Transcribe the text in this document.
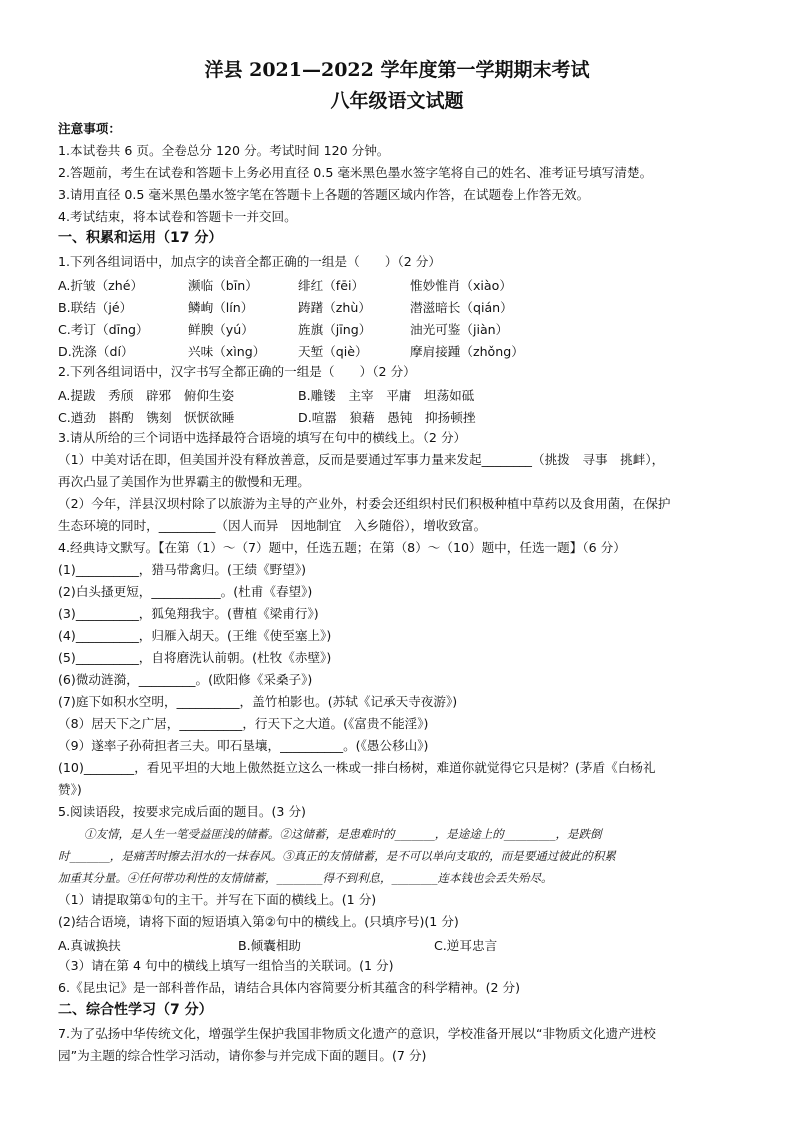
洋县 2021—2022 学年度第一学期期末考试
八年级语文试题
注意事项：
1.本试卷共 6 页。全卷总分 120 分。考试时间 120 分钟。
2.答题前，考生在试卷和答题卡上务必用直径 0.5 毫米黑色墨水签字笔将自己的姓名、准考证号填写清楚。
3.请用直径 0.5 毫米黑色墨水签字笔在答题卡上各题的答题区域内作答，在试题卷上作答无效。
4.考试结束，将本试卷和答题卡一并交回。
一、积累和运用（17 分）
1.下列各组词语中，加点字的读音全都正确的一组是（　　）（2 分）
A.折皱（zhé）	濒临（bīn）	绯红（fēi）	惟妙惟肖（xiào）
B.联结（jé）	鳞峋（lín）	踌躇（zhù）	潜滋暗长（qián）
C.考订（dīng）	鲜腴（yú）	旌旗（jīng）	油光可鉴（jiàn）
D.洗涤（dí）	兴味（xìng）	天堑（qiè）	摩肩接踵（zhǒng）
2.下列各组词语中，汉字书写全都正确的一组是（　　）（2 分）
A.提跋　秀颀　辟邪　俯仰生姿	B.雕镂　主宰　平庸　坦荡如砥
C.遒劲　斟酌　镌刻　恹恹欲睡	D.喧嚣　狼藉　愚钝　抑扬顿挫
3.请从所给的三个词语中选择最符合语境的填写在句中的横线上。（2 分）
（1）中美对话在即，但美国并没有释放善意，反而是要通过军事力量来发起________（挑拨　寻事　挑衅），
再次凸显了美国作为世界霸主的傲慢和无理。
（2）今年，洋县汉坝村除了以旅游为主导的产业外，村委会还组织村民们积极种植中草药以及食用菌，在保护
生态环境的同时，_________（因人而异　因地制宜　入乡随俗），增收致富。
4.经典诗文默写。【在第（1）～（7）题中，任选五题；在第（8）～（10）题中，任选一题】（6 分）
(1)__________，猎马带禽归。(王绩《野望》)
(2)白头搔更短，___________。(杜甫《春望》)
(3)__________，狐兔翔我宇。(曹植《梁甫行》)
(4)__________，归雁入胡天。(王维《使至塞上》)
(5)__________，自将磨洗认前朝。(杜牧《赤壁》)
(6)微动涟漪，_________。(欧阳修《采桑子》)
(7)庭下如积水空明，__________，盖竹柏影也。(苏轼《记承天寺夜游》)
（8）居天下之广居，__________，行天下之大道。(《富贵不能淫》)
（9）遂率子孙荷担者三夫。叩石垦壤，__________。(《愚公移山》)
(10)________，看见平坦的大地上傲然挺立这么一株或一排白杨树，难道你就觉得它只是树？(茅盾《白杨礼
赞》)
5.阅读语段，按要求完成后面的题目。(3 分)
①友情，是人生一笔受益匪浅的储蓄。②这储蓄，是患难时的_______，是途途上的_________，是跌倒
时_______，是痛苦时擦去泪水的一抹春风。③真正的友情储蓄，是不可以单向支取的，而是要通过彼此的积累
加重其分量。④任何带功利性的友情储蓄，________得不到利息，________连本钱也会丢失殆尽。
（1）请提取第①句的主干。并写在下面的横线上。(1 分)
(2)结合语境，请将下面的短语填入第②句中的横线上。(只填序号)(1 分)
A.真诚换扶	B.倾囊相助	C.逆耳忠言
（3）请在第 4 句中的横线上填写一组恰当的关联词。(1 分)
6.《昆虫记》是一部科普作品，请结合具体内容简要分析其蕴含的科学精神。(2 分)
二、综合性学习（7 分）
7.为了弘扬中华传统文化，增强学生保护我国非物质文化遗产的意识，学校准备开展以“非物质文化遗产进校
园”为主题的综合性学习活动，请你参与并完成下面的题目。(7 分)
